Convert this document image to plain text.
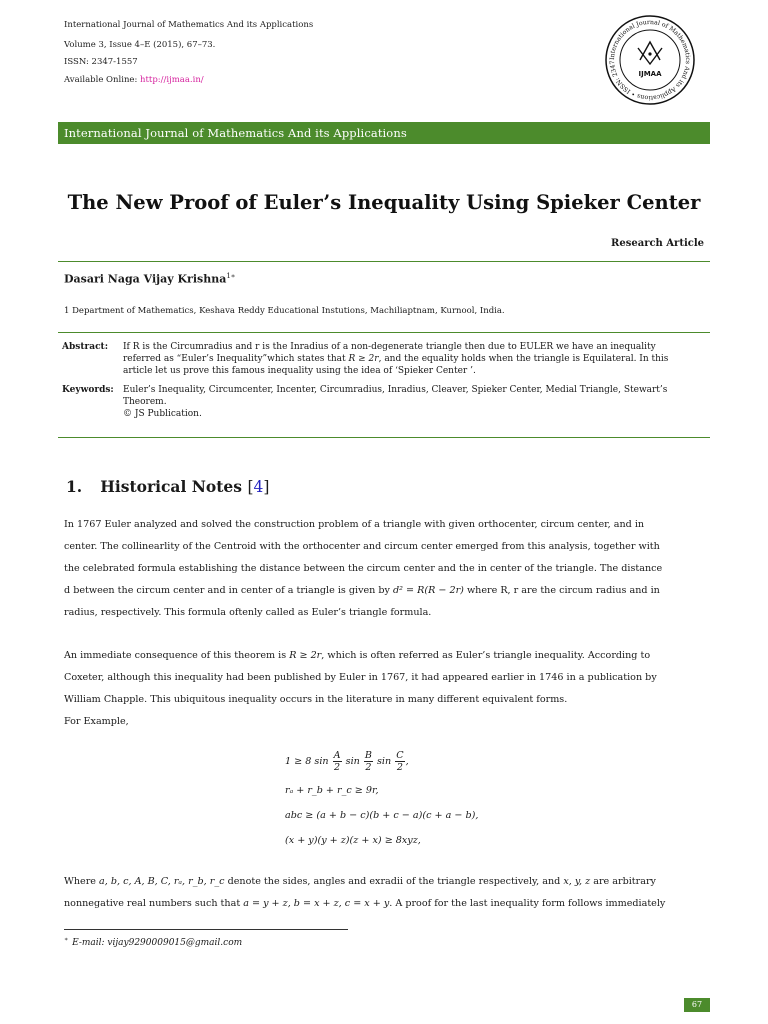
International Journal of Mathematics And its Applications
Volume 3, Issue 4–E (2015), 67–73.
ISSN: 2347-1557
Available Online: http://ijmaa.in/
International Journal of Mathematics And its Applications • ISSN: 2347
IJMAA
International Journal of Mathematics And its Applications
The New Proof of Euler’s Inequality Using Spieker Center
Research Article
Dasari Naga Vijay Krishna$^{1∗}$
1 Department of Mathematics, Keshava Reddy Educational Instutions, Machiliaptnam, Kurnool, India.
Abstract:	If R is the Circumradius and r is the Inradius of a non-degenerate triangle then due to EULER we have an inequality
referred as “Euler’s Inequality”which states that R ≥ 2r, and the equality holds when the triangle is Equilateral. In this
article let us prove this famous inequality using the idea of ‘Spieker Center ’.
Keywords:	Euler’s Inequality, Circumcenter, Incenter, Circumradius, Inradius, Cleaver, Spieker Center, Medial Triangle, Stewart’s
Theorem.
© JS Publication.
1. Historical Notes [4]

In 1767 Euler analyzed and solved the construction problem of a triangle with given orthocenter, circum center, and in

center. The collinearlity of the Centroid with the orthocenter and circum center emerged from this analysis, together with

the celebrated formula establishing the distance between the circum center and the in center of the triangle. The distance

d between the circum center and in center of a triangle is given by d² = R(R − 2r) where R, r are the circum radius and in

radius, respectively. This formula oftenly called as Euler’s triangle formula.

An immediate consequence of this theorem is R ≥ 2r, which is often referred as Euler’s triangle inequality. According to

Coxeter, although this inequality had been published by Euler in 1767, it had appeared earlier in 1746 in a publication by

William Chapple. This ubiquitous inequality occurs in the literature in many different equivalent forms.

For Example,

1 ≥ 8 $\sin \frac{A}{2}$ $\sin \frac{B}{2}$ $\sin \frac{C}{2}$ ,
rₐ + r_b + r_c ≥ 9r,
abc ≥ (a + b − c)(b + c − a)(c + a − b),
(x + y)(y + z)(z + x) ≥ 8xyz,

Where a, b, c, A, B, C, rₐ, r_b, r_c denote the sides, angles and exradii of the triangle respectively, and x, y, z are arbitrary

nonnegative real numbers such that a = y + z, b = x + z, c = x + y. A proof for the last inequality form follows immediately

∗ E-mail: vijay9290009015@gmail.com
67
